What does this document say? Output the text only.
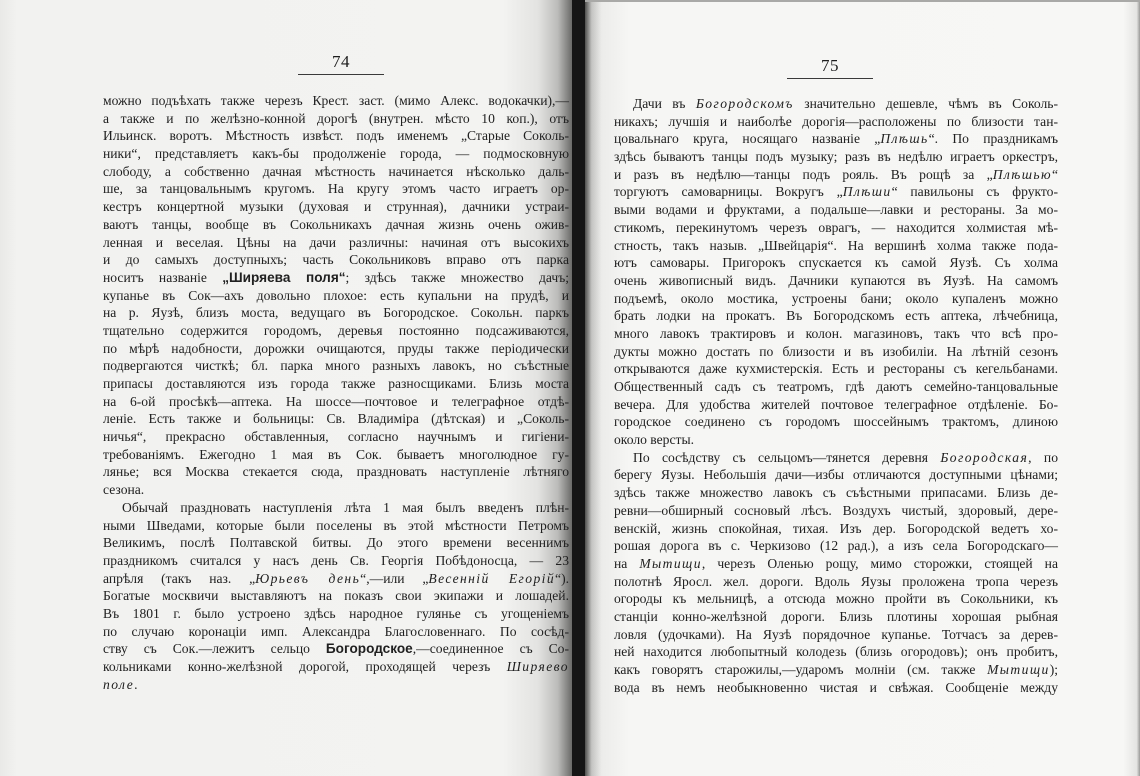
74
можно подъѣхать также черезъ Крест. заст. (мимо Алекс. водокачки),—
а также и по желѣзно-конной дорогѣ (внутрен. мѣсто 10 коп.), отъ
Ильинск. воротъ. Мѣстность извѣст. подъ именемъ „Старые Соколь-
ники“, представляетъ какъ-бы продолженіе города, — подмосковную
слободу, а собственно дачная мѣстность начинается нѣсколько даль-
ше, за танцовальнымъ кругомъ. На кругу этомъ часто играетъ ор-
кестръ концертной музыки (духовая и струнная), дачники устраи-
ваютъ танцы, вообще въ Сокольникахъ дачная жизнь очень ожив-
ленная и веселая. Цѣны на дачи различны: начиная отъ высокихъ
и до самыхъ доступныхъ; часть Сокольниковъ вправо отъ парка
носитъ названіе „Ширяева поля“; здѣсь также множество дачъ;
купанье въ Сок—ахъ довольно плохое: есть купальни на прудѣ, и
на р. Яузѣ, близъ моста, ведущаго въ Богородское. Сокольн. паркъ
тщательно содержится городомъ, деревья постоянно подсаживаются,
по мѣрѣ надобности, дорожки очищаются, пруды также періодически
подвергаются чисткѣ; бл. парка много разныхъ лавокъ, но съѣстные
припасы доставляются изъ города также разносщиками. Близь моста
на 6-ой просѣкѣ—аптека. На шоссе—почтовое и телеграфное отдѣ-
леніе. Есть также и больницы: Св. Владиміра (дѣтская) и „Соколь-
ничья“, прекрасно обставленныя, согласно научнымъ и гигіени-
требованіямъ. Ежегодно 1 мая въ Сок. бываетъ многолюдное гу-
лянье; вся Москва стекается сюда, праздновать наступленіе лѣтняго
сезона.
Обычай праздновать наступленія лѣта 1 мая былъ введенъ плѣн-
ными Шведами, которые были поселены въ этой мѣстности Петромъ
Великимъ, послѣ Полтавской битвы. До этого времени весеннимъ
праздникомъ считался у насъ день Св. Георгія Побѣдоносца, — 23
апрѣля (такъ наз. „Юрьевъ день“,—или „Весенній Егорій“).
Богатые москвичи выставляютъ на показъ свои экипажи и лошадей.
Въ 1801 г. было устроено здѣсь народное гулянье съ угощеніемъ
по случаю коронаціи имп. Александра Благословеннаго. По сосѣд-
ству съ Сок.—лежитъ сельцо Богородское,—соединенное съ Со-
кольниками конно-желѣзной дорогой, проходящей черезъ Ширяево
поле.
75
Дачи въ Богородскомъ значительно дешевле, чѣмъ въ Соколь-
никахъ; лучшія и наиболѣе дорогія—расположены по близости тан-
цовальнаго круга, носящаго названіе „Плѣшь“. По праздникамъ
здѣсь бываютъ танцы подъ музыку; разъ въ недѣлю играетъ оркестръ,
и разъ въ недѣлю—танцы подъ рояль. Въ рощѣ за „Плѣшью“
торгуютъ самоварницы. Вокругъ „Плѣши“ павильоны съ фрукто-
выми водами и фруктами, а подальше—лавки и рестораны. За мо-
стикомъ, перекинутомъ черезъ оврагъ, — находится холмистая мѣ-
стность, такъ назыв. „Швейцарія“. На вершинѣ холма также пода-
ютъ самовары. Пригорокъ спускается къ самой Яузѣ. Съ холма
очень живописный видъ. Дачники купаются въ Яузѣ. На самомъ
подъемѣ, около мостика, устроены бани; около купаленъ можно
брать лодки на прокатъ. Въ Богородскомъ есть аптека, лѣчебница,
много лавокъ трактировъ и колон. магазиновъ, такъ что всѣ про-
дукты можно достать по близости и въ изобиліи. На лѣтній сезонъ
открываются даже кухмистерскія. Есть и рестораны съ кегельбанами.
Общественный садъ съ театромъ, гдѣ даютъ семейно-танцовальные
вечера. Для удобства жителей почтовое телеграфное отдѣленіе. Бо-
городское соединено съ городомъ шоссейнымъ трактомъ, длиною
около версты.
По сосѣдству съ сельцомъ—тянется деревня Богородская, по
берегу Яузы. Небольшія дачи—избы отличаются доступными цѣнами;
здѣсь также множество лавокъ съ съѣстными припасами. Близь де-
ревни—обширный сосновый лѣсъ. Воздухъ чистый, здоровый, дере-
венскій, жизнь спокойная, тихая. Изъ дер. Богородской ведетъ хо-
рошая дорога въ с. Черкизово (12 рад.), а изъ села Богородскаго—
на Мытищи, черезъ Оленью рощу, мимо сторожки, стоящей на
полотнѣ Яросл. жел. дороги. Вдоль Яузы проложена тропа черезъ
огороды къ мельницѣ, а отсюда можно пройти въ Сокольники, къ
станціи конно-желѣзной дороги. Близь плотины хорошая рыбная
ловля (удочками). На Яузѣ порядочное купанье. Тотчасъ за дерев-
ней находится любопытный колодезь (близь огородовъ); онъ пробитъ,
какъ говорятъ старожилы,—ударомъ молніи (см. также Мытищи);
вода въ немъ необыкновенно чистая и свѣжая. Сообщеніе между
